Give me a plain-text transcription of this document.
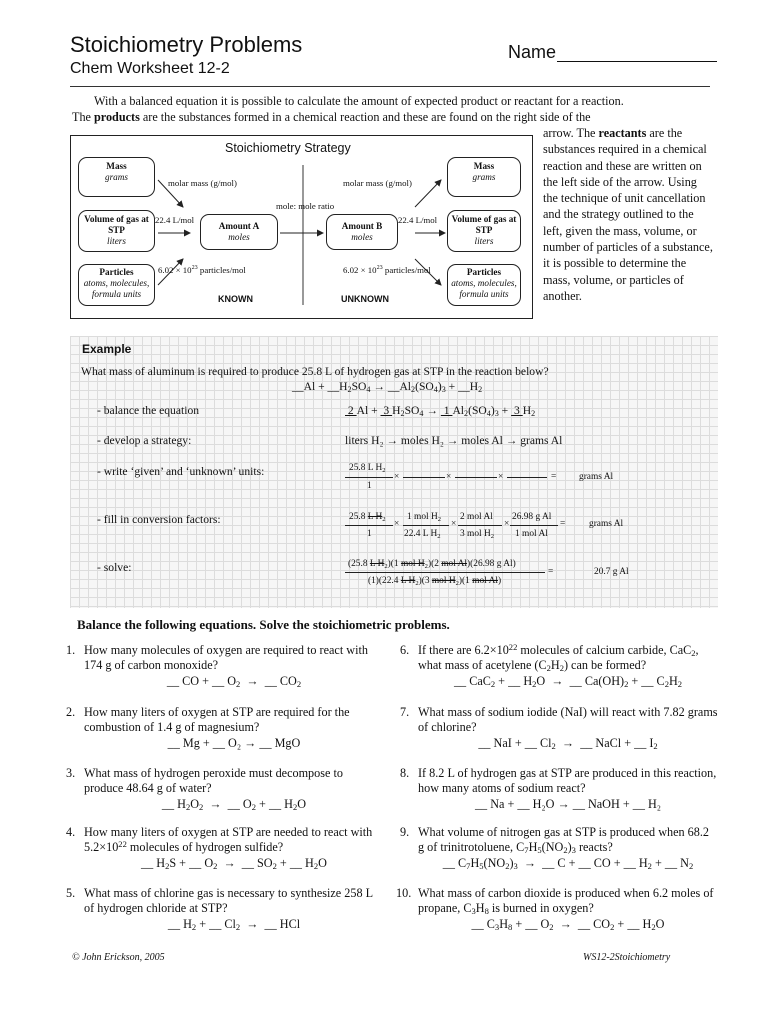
Stoichiometry Problems
Chem Worksheet 12-2
Name
With a balanced equation it is possible to calculate the amount of expected product or reactant for a reaction.
The products are the substances formed in a chemical reaction and these are found on the right side of the
arrow. The reactants are the substances required in a chemical reaction and these are written on the left side of the arrow. Using the technique of unit cancellation and the strategy outlined to the left, given the mass, volume, or number of particles of a substance, it is possible to determine the mass, volume, or particles of another.
Stoichiometry Strategy
Mass
grams
Volume of gas at STP
liters
Particles
atoms, molecules, formula units
Amount A
moles
Amount B
moles
Mass
grams
Volume of gas at STP
liters
Particles
atoms, molecules, formula units
molar mass (g/mol)	molar mass (g/mol)
mole: mole ratio
22.4 L/mol	22.4 L/mol
$6.02 \times 10^{23}$ particles/mol	$6.02 \times 10^{23}$ particles/mol
KNOWN	UNKNOWN
Example
What mass of aluminum is required to produce 25.8 L of hydrogen gas at STP in the reaction below?
__Al + $\_\_H_2SO_4$ → $\_\_Al_2(SO_4)_3$ + $\_\_H_2$
- balance the equation	2 Al +  3 $H_2SO_4 \to 1$ $Al_2(SO_4)_3 + 3$ $H_2$
- develop a strategy:	liters H₂ → moles H₂ → moles Al → grams Al
- write ‘given’ and ‘unknown’ units:	25.8 L $H_2$
1
×	×	×	= grams Al
- fill in conversion factors:	25.8 L $H_2$
1
×
1 mol $H_2$
22.4 L $H_2$
×
2 mol Al
3 mol $H_2$
×
26.98 g Al
1 mol Al
=	grams Al
- solve:	(25.8 L $H_2)(1$ mol $H_2)(2$ mol Al)(26.98 g Al)
(1)(22.4 L $H_2)(3$ mol $H_2)(1$ mol Al)
=	20.7 g Al
Balance the following equations. Solve the stoichiometric problems.
1. How many molecules of oxygen are required to react with 174 g of carbon monoxide?
__ CO + __ $O_2$  →  __ $CO_2$
2. How many liters of oxygen at STP are required for the combustion of 1.4 g of magnesium?
__ Mg + __ O₂ → __ MgO
3. What mass of hydrogen peroxide must decompose to produce 48.64 g of water?
__ $H_2O_2$  →  __ $O_2$ + __ $H_2O$
4. How many liters of oxygen at STP are needed to react with $5.2\times 10^{22}$ molecules of hydrogen sulfide?
__ $H_2S$ + __ $O_2$  →  __ $SO_2$ + __ $H_2O$
5. What mass of chlorine gas is necessary to synthesize 258 L of hydrogen chloride at STP?
__ $H_2$ + __ $Cl_2$  →  __ HCl
6. If there are $6.2\times 10^{22}$ molecules of calcium carbide, CaC$_2$, what mass of acetylene $(C_2H_2)$ can be formed?
__ CaC$_2$ + __ $H_2O$  →  __ $Ca(OH)_2$ + __ $C_2H_2$
7. What mass of sodium iodide (NaI) will react with 7.82 grams of chlorine?
__ NaI + __ $Cl_2$  →  __ NaCl + __ $I_2$
8. If 8.2 L of hydrogen gas at STP are produced in this reaction, how many atoms of sodium react?
__ Na + __ H₂O → __ NaOH + __ H₂
9. What volume of nitrogen gas at STP is produced when 68.2 g of trinitrotoluene, $C_7H_5(NO_2)_3$ reacts?
__ $C_7H_5(NO_2)_3$  →  __ C + __ CO + __ $H_2$ + __ $N_2$
10. What mass of carbon dioxide is produced when 6.2 moles of propane, $C_3H_8$ is burned in oxygen?
__ $C_3H_8$ + __ $O_2$  →  __ $CO_2$ + __ $H_2O$
© John Erickson, 2005	WS12-2Stoichiometry
